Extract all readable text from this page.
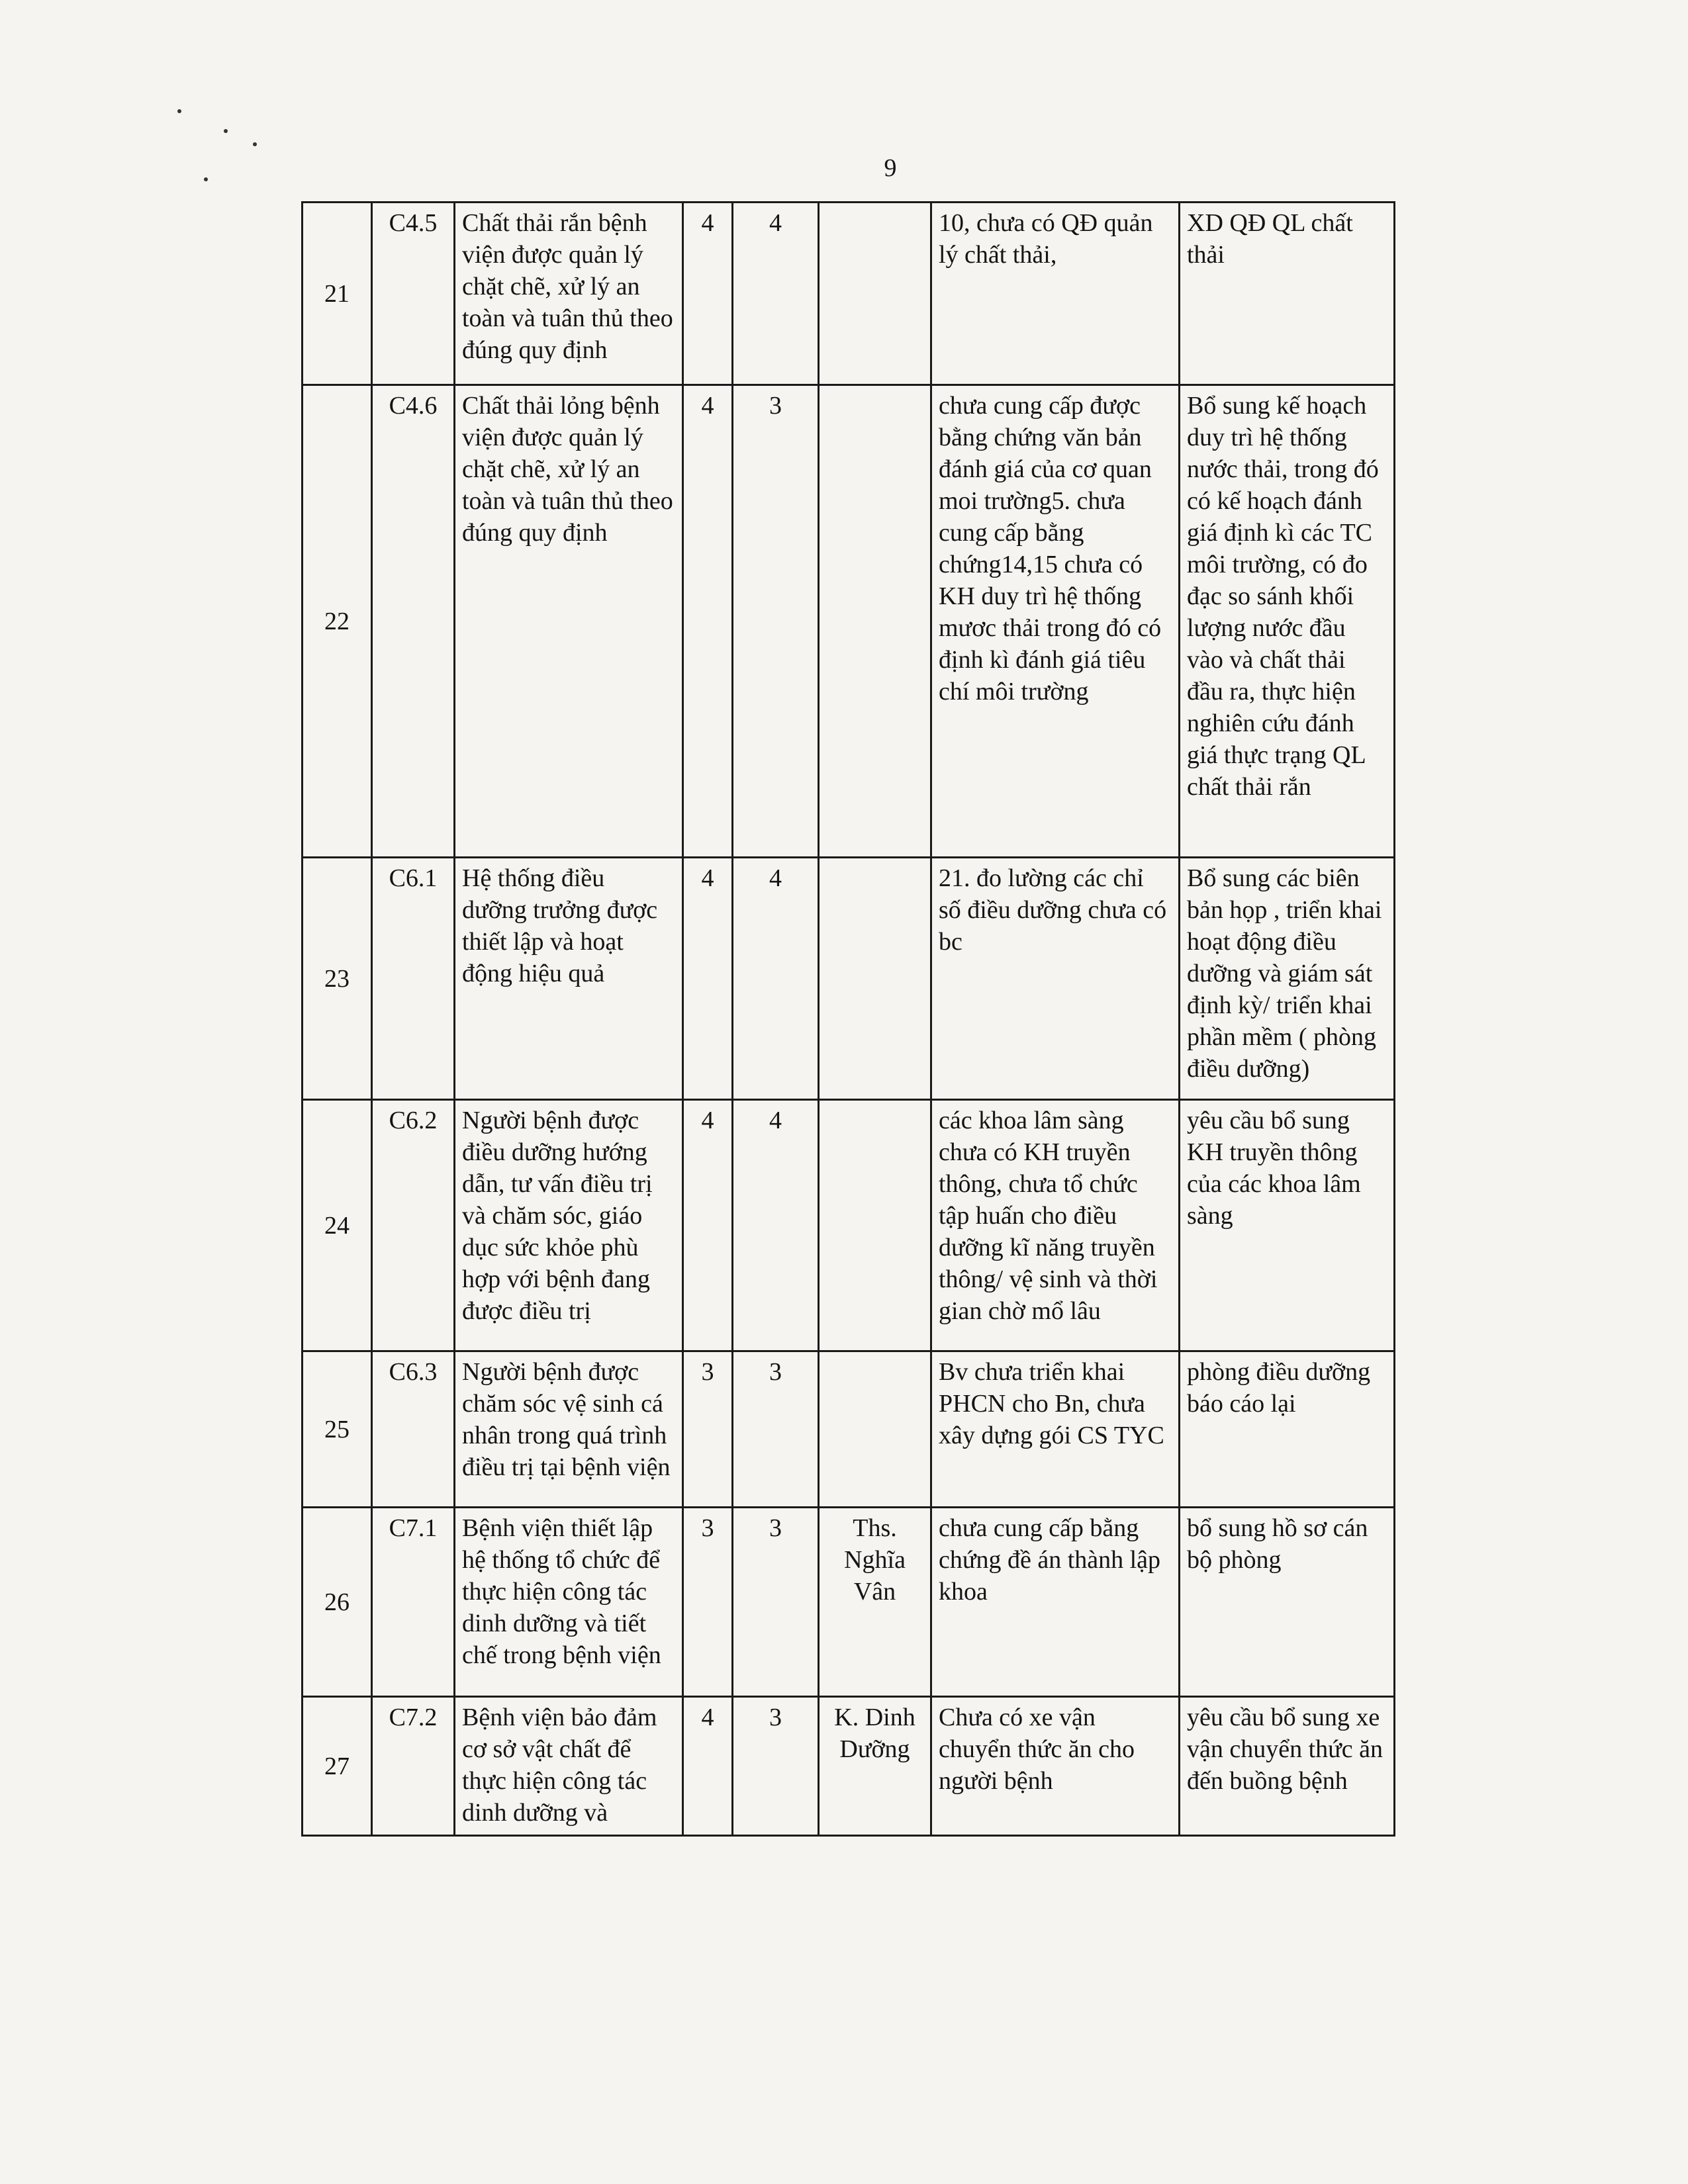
9
21	C4.5	Chất thải rắn bệnh viện được quản lý chặt chẽ, xử lý an toàn và tuân thủ theo đúng quy định	4	4		10, chưa có QĐ quản lý chất thải,	XD QĐ QL chất thải
22	C4.6	Chất thải lỏng bệnh viện được quản lý chặt chẽ, xử lý an toàn và tuân thủ theo đúng quy định	4	3		chưa cung cấp được bằng chứng văn bản đánh giá của cơ quan moi trường5. chưa cung cấp bằng chứng14,15 chưa có KH duy trì hệ thống mươc thải trong đó có định kì đánh giá tiêu chí môi trường	Bổ sung kế hoạch duy trì hệ thống nước thải, trong đó có kế hoạch đánh giá định kì các TC môi trường, có đo đạc so sánh khối lượng nước đầu vào và chất thải đầu ra, thực hiện nghiên cứu đánh giá thực trạng QL chất thải rắn
23	C6.1	Hệ thống điều dưỡng trưởng được thiết lập và hoạt động hiệu quả	4	4		21. đo lường các chỉ số điều dưỡng chưa có bc	Bổ sung các biên bản họp , triển khai hoạt động điều dưỡng và giám sát định kỳ/ triển khai phần mềm ( phòng điều dưỡng)
24	C6.2	Người bệnh được điều dưỡng hướng dẫn, tư vấn điều trị và chăm sóc, giáo dục sức khỏe phù hợp với bệnh đang được điều trị	4	4		các khoa lâm sàng chưa có KH truyền thông, chưa tổ chức tập huấn cho điều dưỡng kĩ năng truyền thông/ vệ sinh và thời gian chờ mổ lâu	yêu cầu bổ sung KH truyền thông của các khoa lâm sàng
25	C6.3	Người bệnh được chăm sóc vệ sinh cá nhân trong quá trình điều trị tại bệnh viện	3	3		Bv chưa triển khai PHCN cho Bn, chưa xây dựng gói CS TYC	phòng điều dưỡng báo cáo lại
26	C7.1	Bệnh viện thiết lập hệ thống tổ chức để thực hiện công tác dinh dưỡng và tiết chế trong bệnh viện	3	3	Ths. Nghĩa Vân	chưa cung cấp bằng chứng đề án thành lập khoa	bổ sung hồ sơ cán bộ phòng
27	C7.2	Bệnh viện bảo đảm cơ sở vật chất để thực hiện công tác dinh dưỡng và	4	3	K. Dinh Dưỡng	Chưa có xe vận chuyển thức ăn cho người bệnh	yêu cầu bổ sung xe vận chuyển thức ăn đến buồng bệnh
